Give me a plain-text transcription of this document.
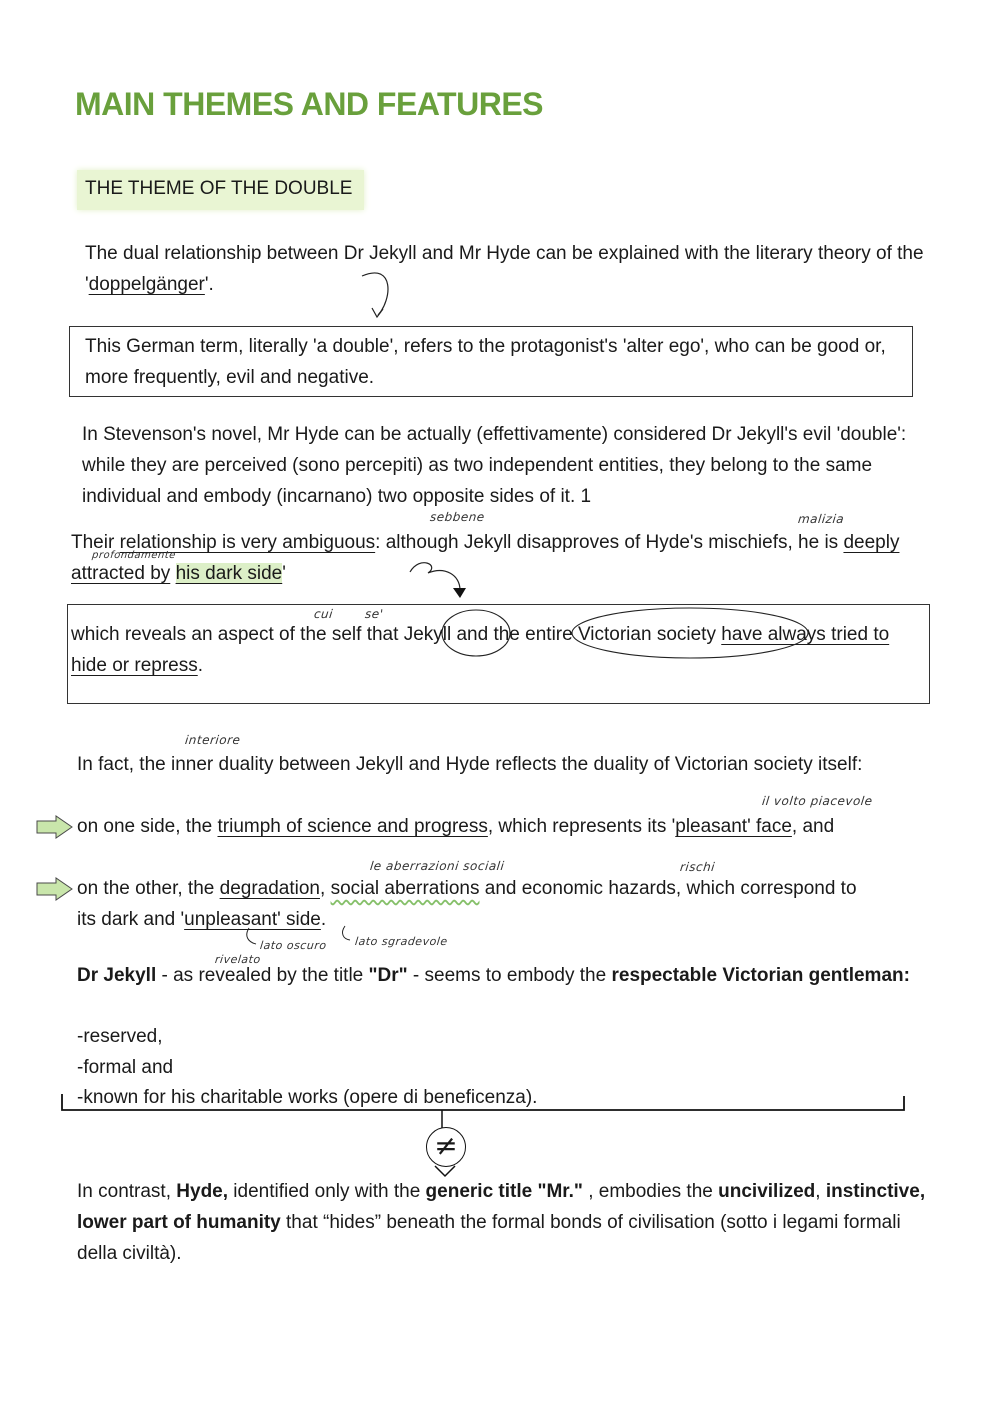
MAIN THEMES AND FEATURES
THE THEME OF THE DOUBLE
The dual relationship between Dr Jekyll and Mr Hyde can be explained with the literary theory of the 'doppelgänger'.
This German term, literally 'a double', refers to the protagonist's 'alter ego', who can be good or, more frequently, evil and negative.
In Stevenson's novel, Mr Hyde can be actually (effettivamente) considered Dr Jekyll's evil 'double': while they are perceived (sono percepiti) as two independent entities, they belong to the same individual and embody (incarnano) two opposite sides of it. 1
Their relationship is very ambiguous: although Jekyll disapproves of Hyde's mischiefs, he is deeply attracted by his dark side'
which reveals an aspect of the self that Jekyll and the entire Victorian society have always tried to hide or repress.
In fact, the inner duality between Jekyll and Hyde reflects the duality of Victorian society itself:
on one side, the triumph of science and progress, which represents its 'pleasant' face, and
on the other, the degradation, social aberrations and economic hazards, which correspond to its dark and 'unpleasant' side.
Dr Jekyll - as revealed by the title "Dr" - seems to embody the respectable Victorian gentleman:
-reserved,
-formal and
-known for his charitable works (opere di beneficenza).
≠
In contrast, Hyde, identified only with the generic title "Mr." , embodies the uncivilized, instinctive, lower part of humanity that “hides” beneath the formal bonds of civilisation (sotto i legami formali della civiltà).
sebbene	malizia
profondamente
cui	se'
interiore
il volto piacevole
le aberrazioni sociali	rischi
lato oscuro lato sgradevole
rivelato
